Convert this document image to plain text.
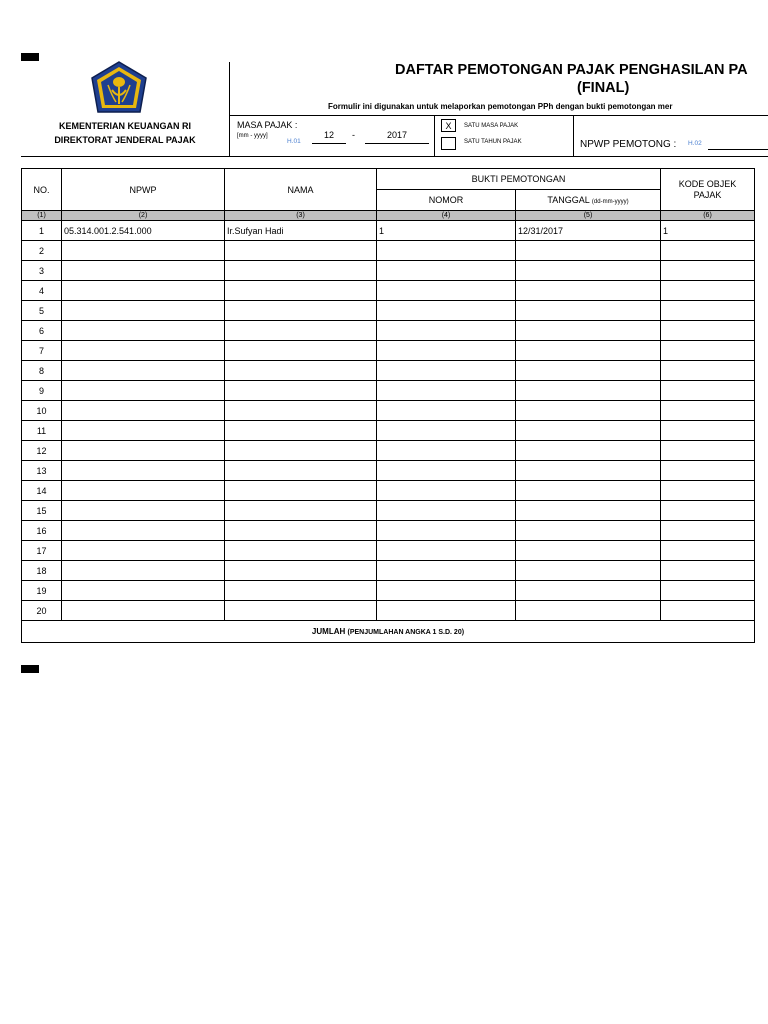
KEMENTERIAN KEUANGAN RI
DIREKTORAT JENDERAL PAJAK
DAFTAR PEMOTONGAN PAJAK PENGHASILAN PA
(FINAL)
Formulir ini digunakan untuk melaporkan pemotongan PPh dengan bukti pemotongan mer
MASA PAJAK :
[mm - yyyy]
H.01
12	-	2017
X	SATU MASA PAJAK
SATU TAHUN PAJAK	NPWP PEMOTONG : H.02
NO.	NPWP	NAMA	BUKTI PEMOTONGAN		KODE OBJEK
PAJAK

			NOMOR	TANGGAL (dd-mm-yyyy)	
(1)	(2)	(3)	(4)	(5)	(6)
1	05.314.001.2.541.000	Ir.Sufyan Hadi	1	12/31/2017	1
2					
3					
4					
5					
6					
7					
8					
9					
10					
11					
12					
13					
14					
15					
16					
17					
18					
19					
20					
JUMLAH (PENJUMLAHAN ANGKA 1 S.D. 20)					
